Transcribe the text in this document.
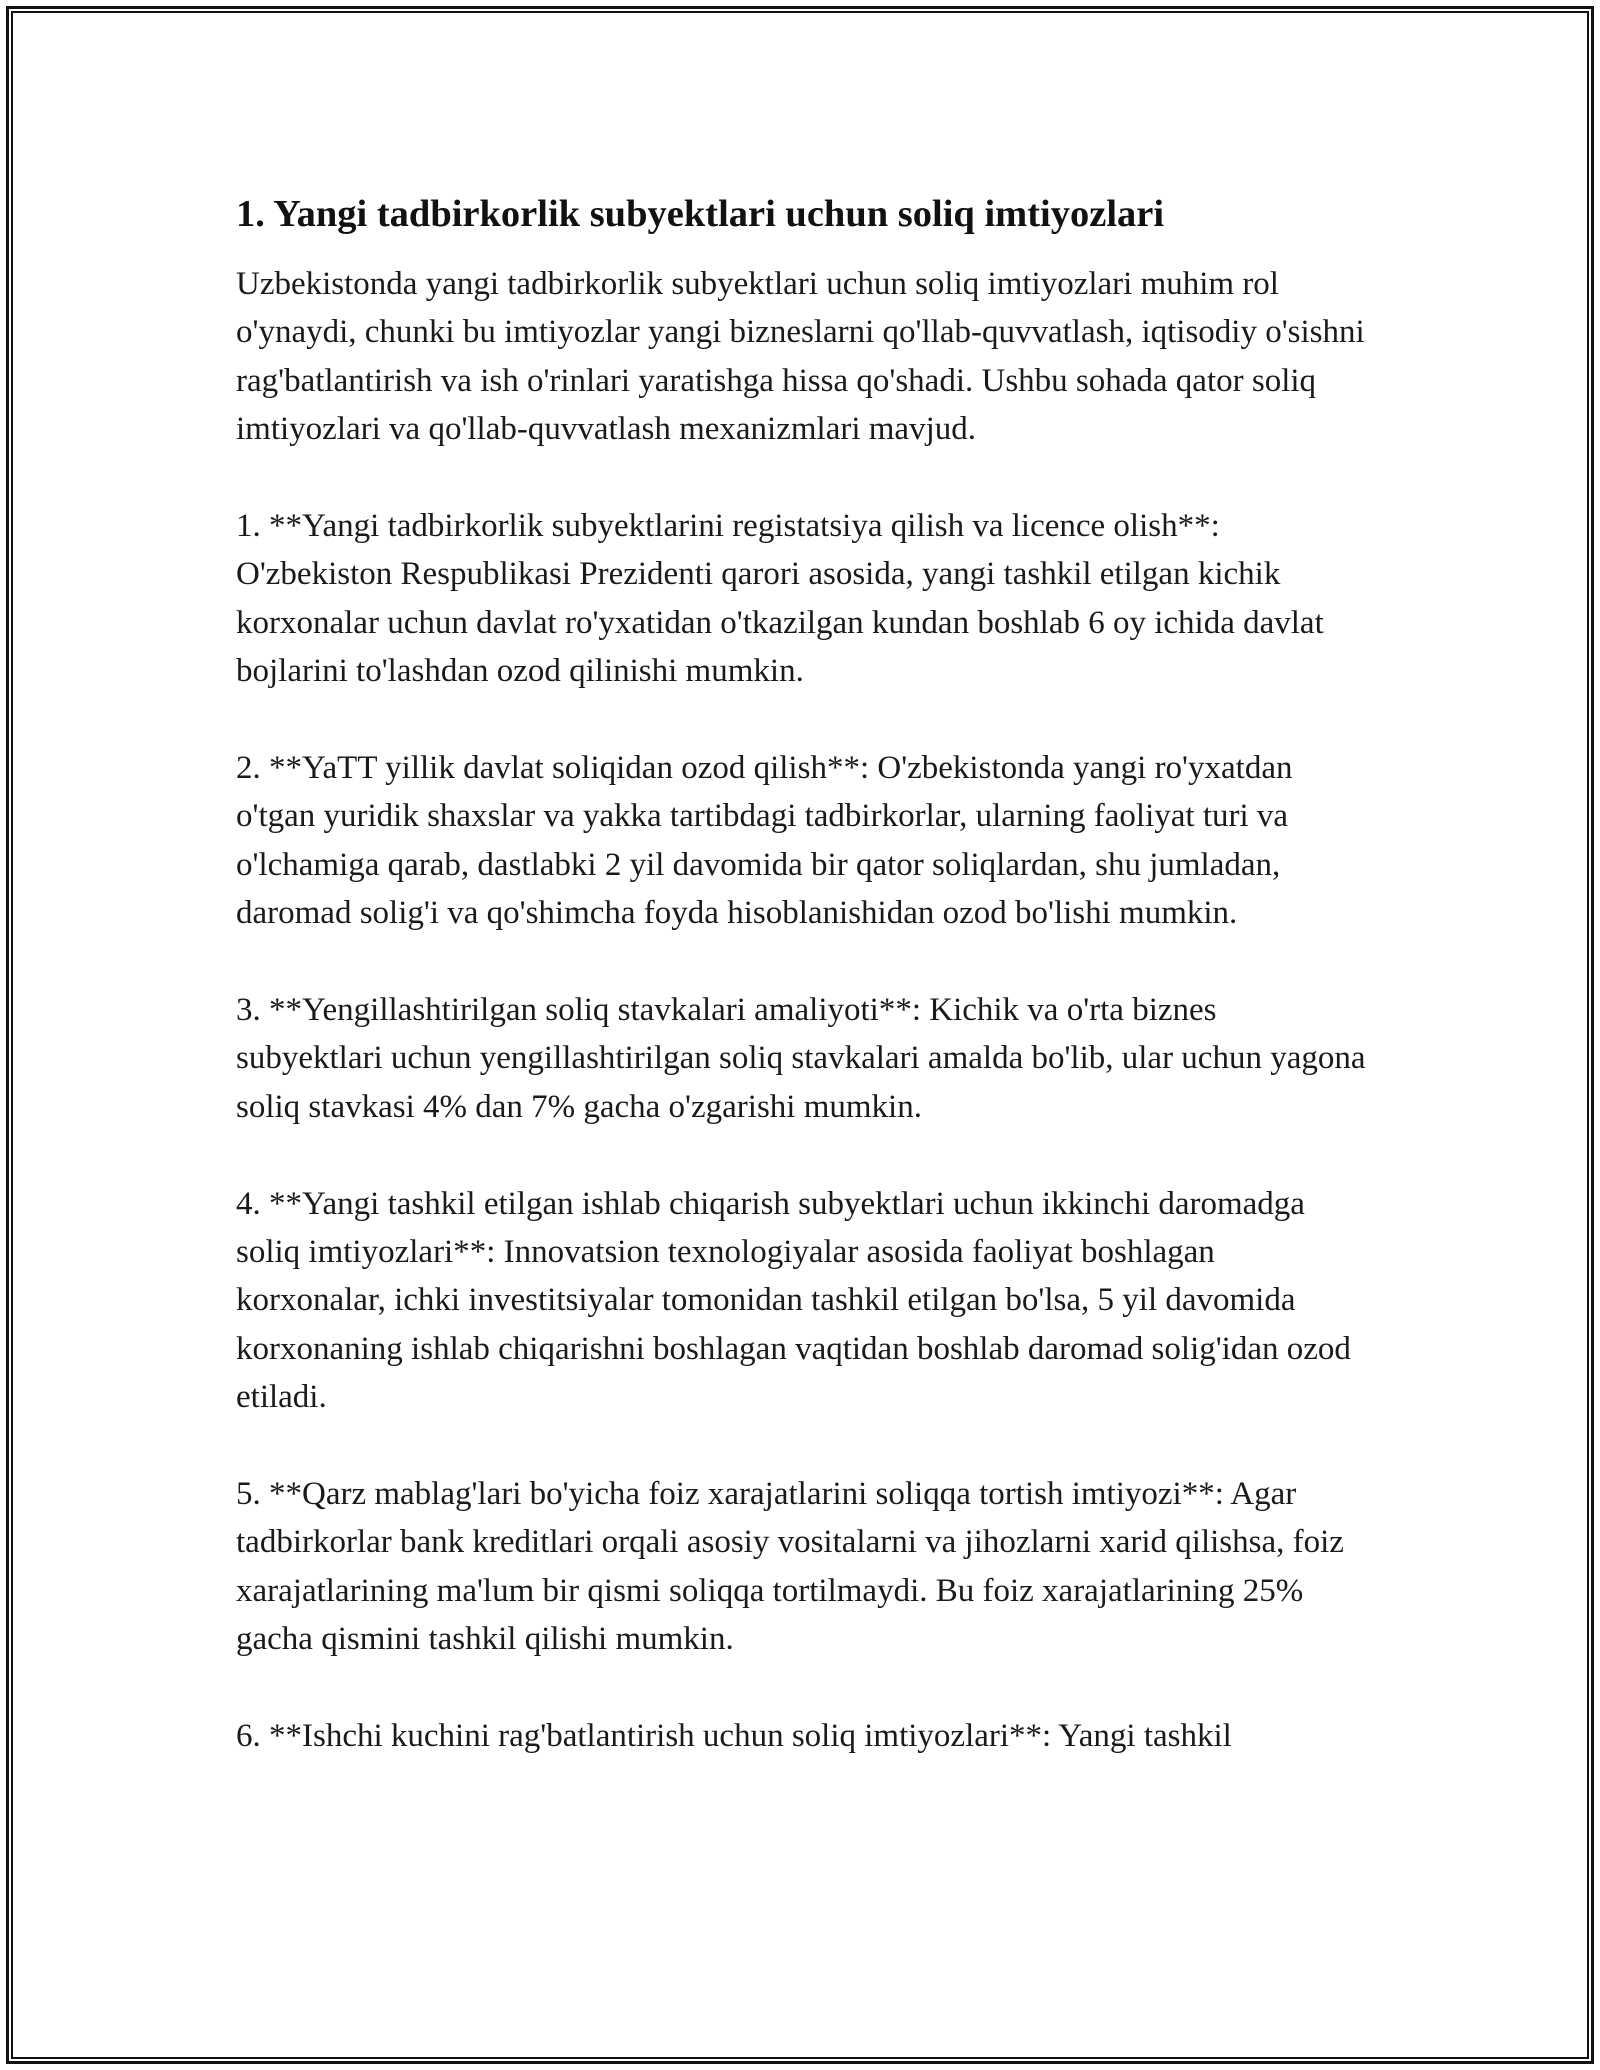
1. Yangi tadbirkorlik subyektlari uchun soliq imtiyozlari

Uzbekistonda yangi tadbirkorlik subyektlari uchun soliq imtiyozlari muhim rol o'ynaydi, chunki bu imtiyozlar yangi bizneslarni qo'llab-quvvatlash, iqtisodiy o'sishni rag'batlantirish va ish o'rinlari yaratishga hissa qo'shadi. Ushbu sohada qator soliq imtiyozlari va qo'llab-quvvatlash mexanizmlari mavjud.

1. **Yangi tadbirkorlik subyektlarini registatsiya qilish va licence olish**: O'zbekiston Respublikasi Prezidenti qarori asosida, yangi tashkil etilgan kichik korxonalar uchun davlat ro'yxatidan o'tkazilgan kundan boshlab 6 oy ichida davlat bojlarini to'lashdan ozod qilinishi mumkin.

2. **YaTT yillik davlat soliqidan ozod qilish**: O'zbekistonda yangi ro'yxatdan o'tgan yuridik shaxslar va yakka tartibdagi tadbirkorlar, ularning faoliyat turi va o'lchamiga qarab, dastlabki 2 yil davomida bir qator soliqlardan, shu jumladan, daromad solig'i va qo'shimcha foyda hisoblanishidan ozod bo'lishi mumkin.

3. **Yengillashtirilgan soliq stavkalari amaliyoti**: Kichik va o'rta biznes subyektlari uchun yengillashtirilgan soliq stavkalari amalda bo'lib, ular uchun yagona soliq stavkasi 4% dan 7% gacha o'zgarishi mumkin.

4. **Yangi tashkil etilgan ishlab chiqarish subyektlari uchun ikkinchi daromadga soliq imtiyozlari**: Innovatsion texnologiyalar asosida faoliyat boshlagan korxonalar, ichki investitsiyalar tomonidan tashkil etilgan bo'lsa, 5 yil davomida korxonaning ishlab chiqarishni boshlagan vaqtidan boshlab daromad solig'idan ozod etiladi.

5. **Qarz mablag'lari bo'yicha foiz xarajatlarini soliqqa tortish imtiyozi**: Agar tadbirkorlar bank kreditlari orqali asosiy vositalarni va jihozlarni xarid qilishsa, foiz xarajatlarining ma'lum bir qismi soliqqa tortilmaydi. Bu foiz xarajatlarining 25% gacha qismini tashkil qilishi mumkin.

6. **Ishchi kuchini rag'batlantirish uchun soliq imtiyozlari**: Yangi tashkil
